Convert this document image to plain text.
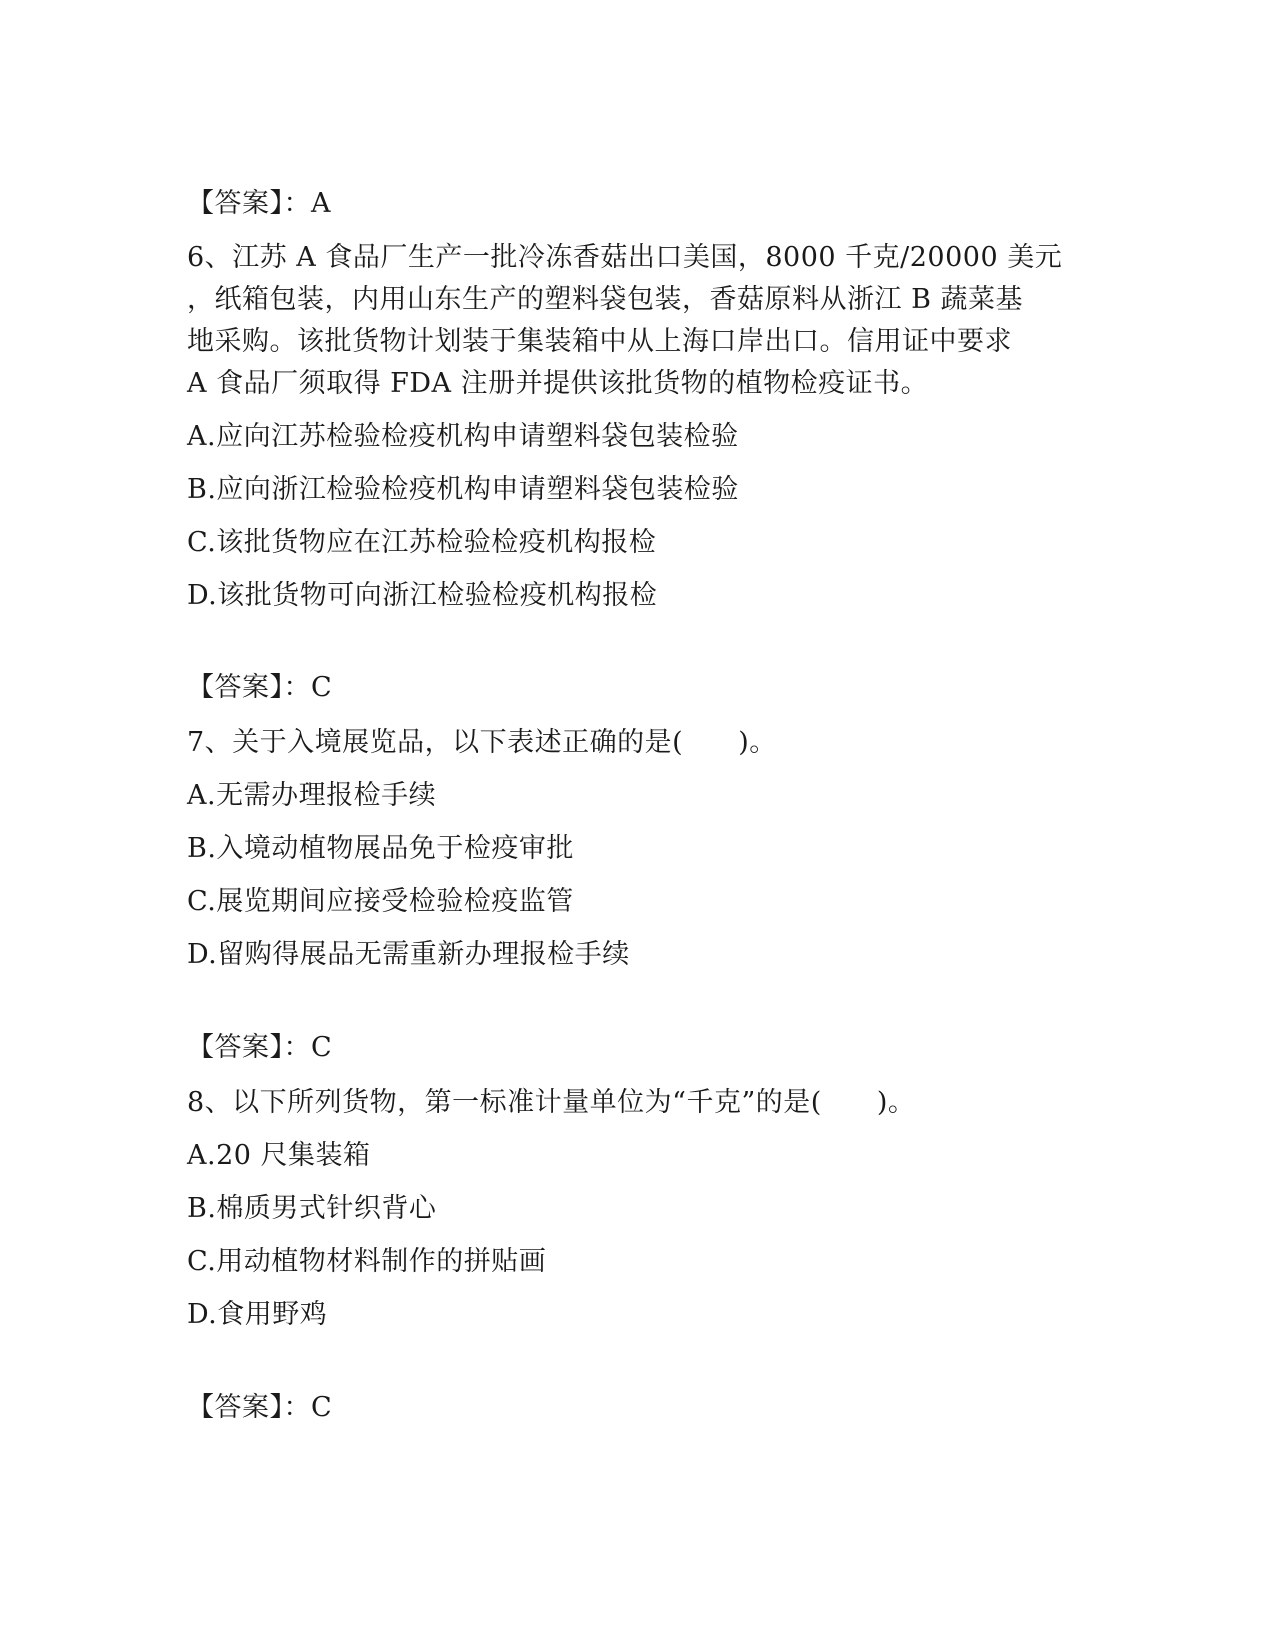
【答案】：A
6、江苏 A 食品厂生产一批冷冻香菇出口美国，8000 千克/20000 美元
，纸箱包装，内用山东生产的塑料袋包装，香菇原料从浙江 B 蔬菜基
地采购。该批货物计划装于集装箱中从上海口岸出口。信用证中要求
A 食品厂须取得 FDA 注册并提供该批货物的植物检疫证书。
A.应向江苏检验检疫机构申请塑料袋包装检验
B.应向浙江检验检疫机构申请塑料袋包装检验
C.该批货物应在江苏检验检疫机构报检
D.该批货物可向浙江检验检疫机构报检
【答案】：C
7、关于入境展览品，以下表述正确的是(　　)。
A.无需办理报检手续
B.入境动植物展品免于检疫审批
C.展览期间应接受检验检疫监管
D.留购得展品无需重新办理报检手续
【答案】：C
8、以下所列货物，第一标准计量单位为“千克”的是(　　)。
A.20 尺集装箱
B.棉质男式针织背心
C.用动植物材料制作的拼贴画
D.食用野鸡
【答案】：C
